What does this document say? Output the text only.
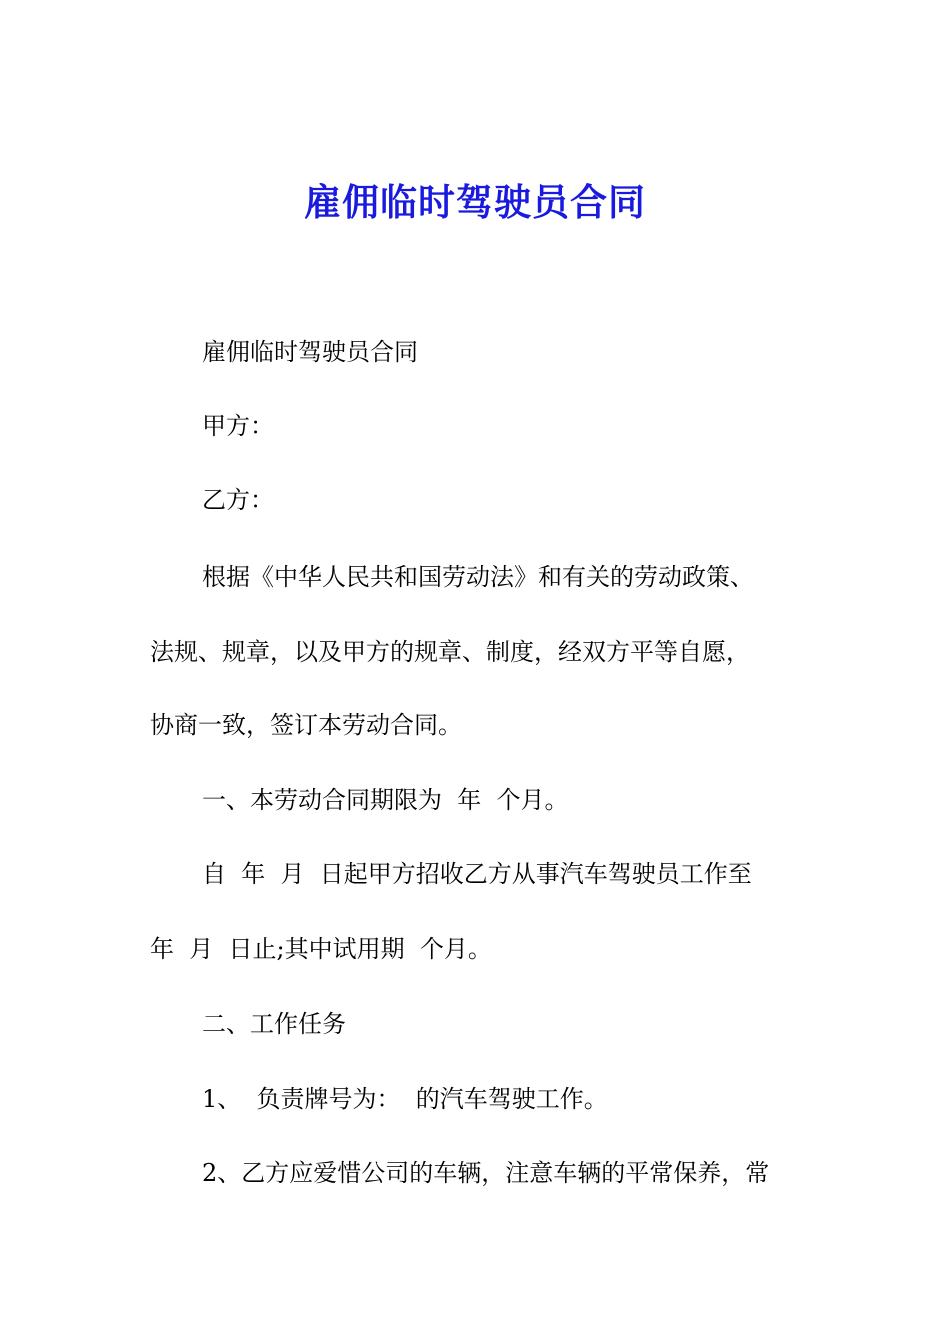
雇佣临时驾驶员合同
雇佣临时驾驶员合同
甲方：
乙方：
根据《中华人民共和国劳动法》和有关的劳动政策、
法规、规章，以及甲方的规章、制度，经双方平等自愿，
协商一致，签订本劳动合同。
一、本劳动合同期限为  年  个月。
自  年  月  日起甲方招收乙方从事汽车驾驶员工作至
年  月  日止;其中试用期  个月。
二、工作任务
1、  负责牌号为：  的汽车驾驶工作。
2、乙方应爱惜公司的车辆，注意车辆的平常保养，常
